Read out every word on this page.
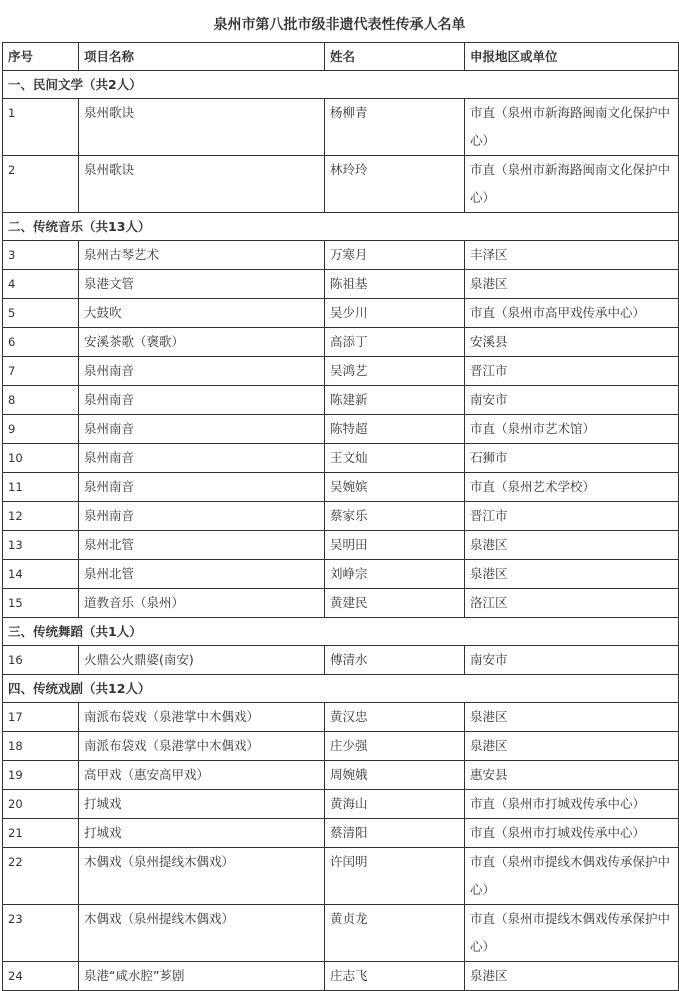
泉州市第八批市级非遗代表性传承人名单
序号	项目名称	姓名	申报地区或单位
一、民间文学（共2人）			
1	泉州歌诀	杨柳青	市直（泉州市新海路闽南文化保护中心）
2	泉州歌诀	林玲玲	市直（泉州市新海路闽南文化保护中心）
二、传统音乐（共13人）			
3	泉州古琴艺术	万寒月	丰泽区
4	泉港文管	陈祖基	泉港区
5	大鼓吹	吴少川	市直（泉州市高甲戏传承中心）
6	安溪茶歌（褒歌）	高添丁	安溪县
7	泉州南音	吴鸿艺	晋江市
8	泉州南音	陈建新	南安市
9	泉州南音	陈特超	市直（泉州市艺术馆）
10	泉州南音	王文灿	石狮市
11	泉州南音	吴婉嫔	市直（泉州艺术学校）
12	泉州南音	蔡家乐	晋江市
13	泉州北管	吴明田	泉港区
14	泉州北管	刘峥宗	泉港区
15	道教音乐（泉州）	黄建民	洛江区
三、传统舞蹈（共1人）			
16	火鼎公火鼎婆(南安)	傅清水	南安市
四、传统戏剧（共12人）			
17	南派布袋戏（泉港掌中木偶戏）	黄汉忠	泉港区
18	南派布袋戏（泉港掌中木偶戏）	庄少强	泉港区
19	高甲戏（惠安高甲戏）	周婉娥	惠安县
20	打城戏	黄海山	市直（泉州市打城戏传承中心）
21	打城戏	蔡清阳	市直（泉州市打城戏传承中心）
22	木偶戏（泉州提线木偶戏）	许闰明	市直（泉州市提线木偶戏传承保护中心）
23	木偶戏（泉州提线木偶戏）	黄贞龙	市直（泉州市提线木偶戏传承保护中心）
24	泉港“咸水腔”芗剧	庄志飞	泉港区
